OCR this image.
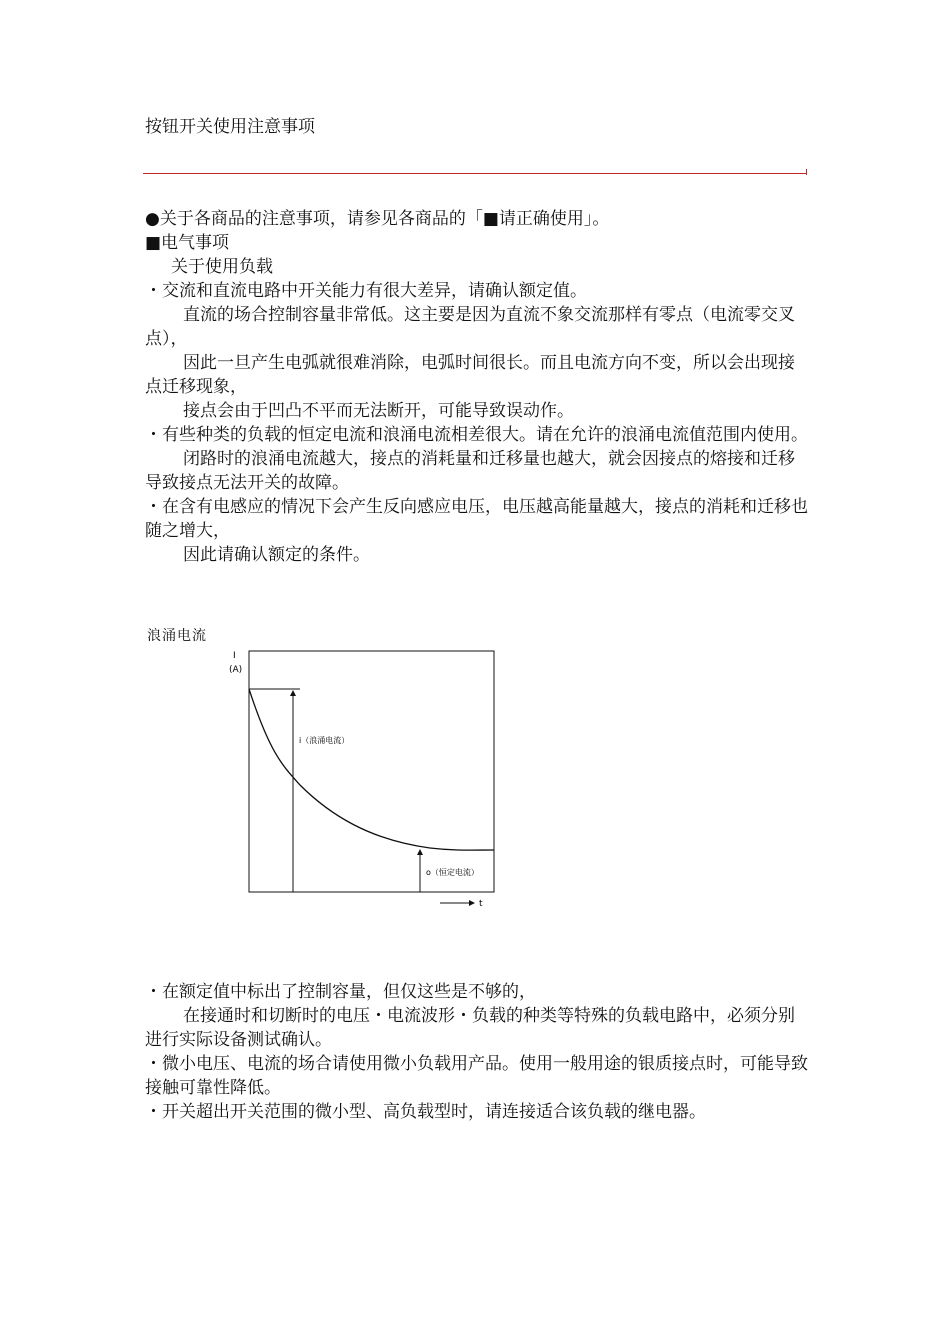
按钮开关使用注意事项

●关于各商品的注意事项，请参见各商品的「■请正确使用」。

■电气事项

关于使用负载

・交流和直流电路中开关能力有很大差异，请确认额定值。

直流的场合控制容量非常低。这主要是因为直流不象交流那样有零点（电流零交叉点），

因此一旦产生电弧就很难消除，电弧时间很长。而且电流方向不变，所以会出现接点迁移现象，

接点会由于凹凸不平而无法断开，可能导致误动作。

・有些种类的负载的恒定电流和浪涌电流相差很大。请在允许的浪涌电流值范围内使用。

闭路时的浪涌电流越大，接点的消耗量和迁移量也越大，就会因接点的熔接和迁移导致接点无法开关的故障。

・在含有电感应的情况下会产生反向感应电压，电压越高能量越大，接点的消耗和迁移也随之增大，

因此请确认额定的条件。

浪涌电流
I
(A)
i（浪涌电流）
o（恒定电流）
t

・在额定值中标出了控制容量，但仅这些是不够的，

在接通时和切断时的电压・电流波形・负载的种类等特殊的负载电路中，必须分别进行实际设备测试确认。

・微小电压、电流的场合请使用微小负载用产品。使用一般用途的银质接点时，可能导致接触可靠性降低。

・开关超出开关范围的微小型、高负载型时，请连接适合该负载的继电器。
